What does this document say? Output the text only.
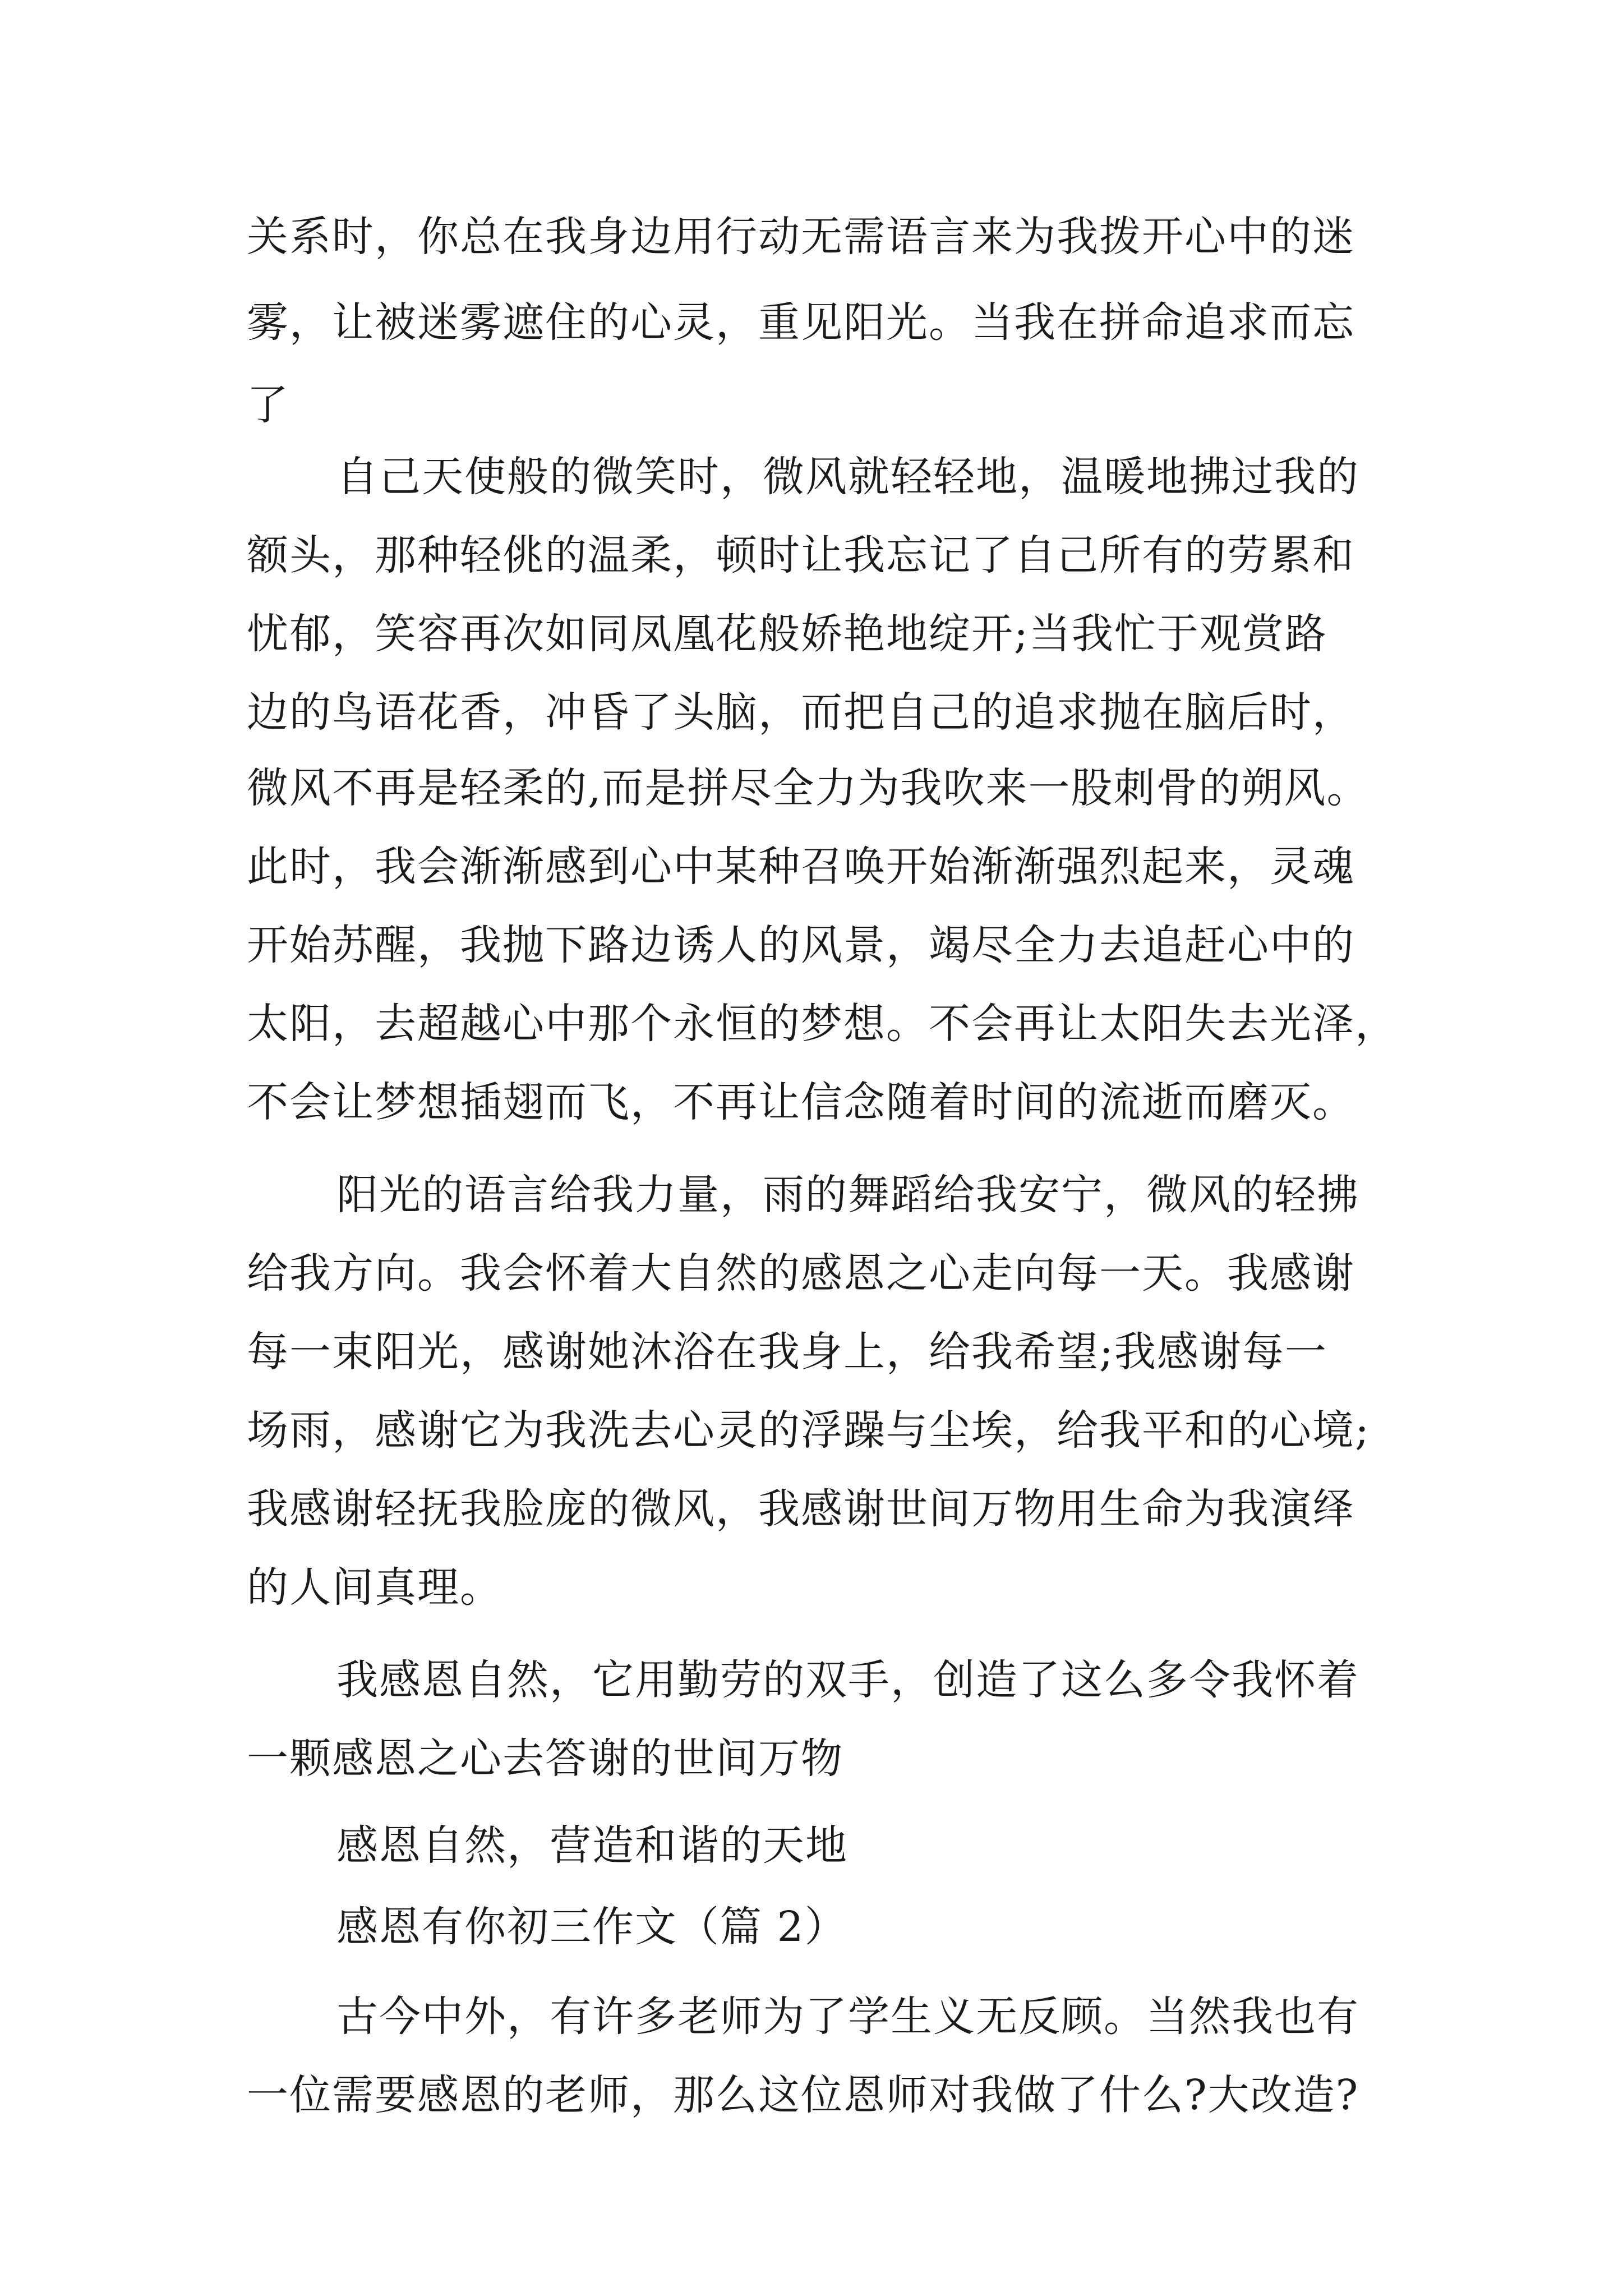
关系时，你总在我身边用行动无需语言来为我拨开心中的迷
雾，让被迷雾遮住的心灵，重见阳光。当我在拼命追求而忘
了
自己天使般的微笑时，微风就轻轻地，温暖地拂过我的
额头，那种轻佻的温柔，顿时让我忘记了自己所有的劳累和
忧郁，笑容再次如同凤凰花般娇艳地绽开;当我忙于观赏路
边的鸟语花香，冲昏了头脑，而把自己的追求抛在脑后时，
微风不再是轻柔的,而是拼尽全力为我吹来一股刺骨的朔风。
此时，我会渐渐感到心中某种召唤开始渐渐强烈起来，灵魂
开始苏醒，我抛下路边诱人的风景，竭尽全力去追赶心中的
太阳，去超越心中那个永恒的梦想。不会再让太阳失去光泽，
不会让梦想插翅而飞，不再让信念随着时间的流逝而磨灭。
阳光的语言给我力量，雨的舞蹈给我安宁，微风的轻拂
给我方向。我会怀着大自然的感恩之心走向每一天。我感谢
每一束阳光，感谢她沐浴在我身上，给我希望;我感谢每一
场雨，感谢它为我洗去心灵的浮躁与尘埃，给我平和的心境;
我感谢轻抚我脸庞的微风，我感谢世间万物用生命为我演绎
的人间真理。
我感恩自然，它用勤劳的双手，创造了这么多令我怀着
一颗感恩之心去答谢的世间万物
感恩自然，营造和谐的天地
感恩有你初三作文（篇 2）
古今中外，有许多老师为了学生义无反顾。当然我也有
一位需要感恩的老师，那么这位恩师对我做了什么?大改造?
